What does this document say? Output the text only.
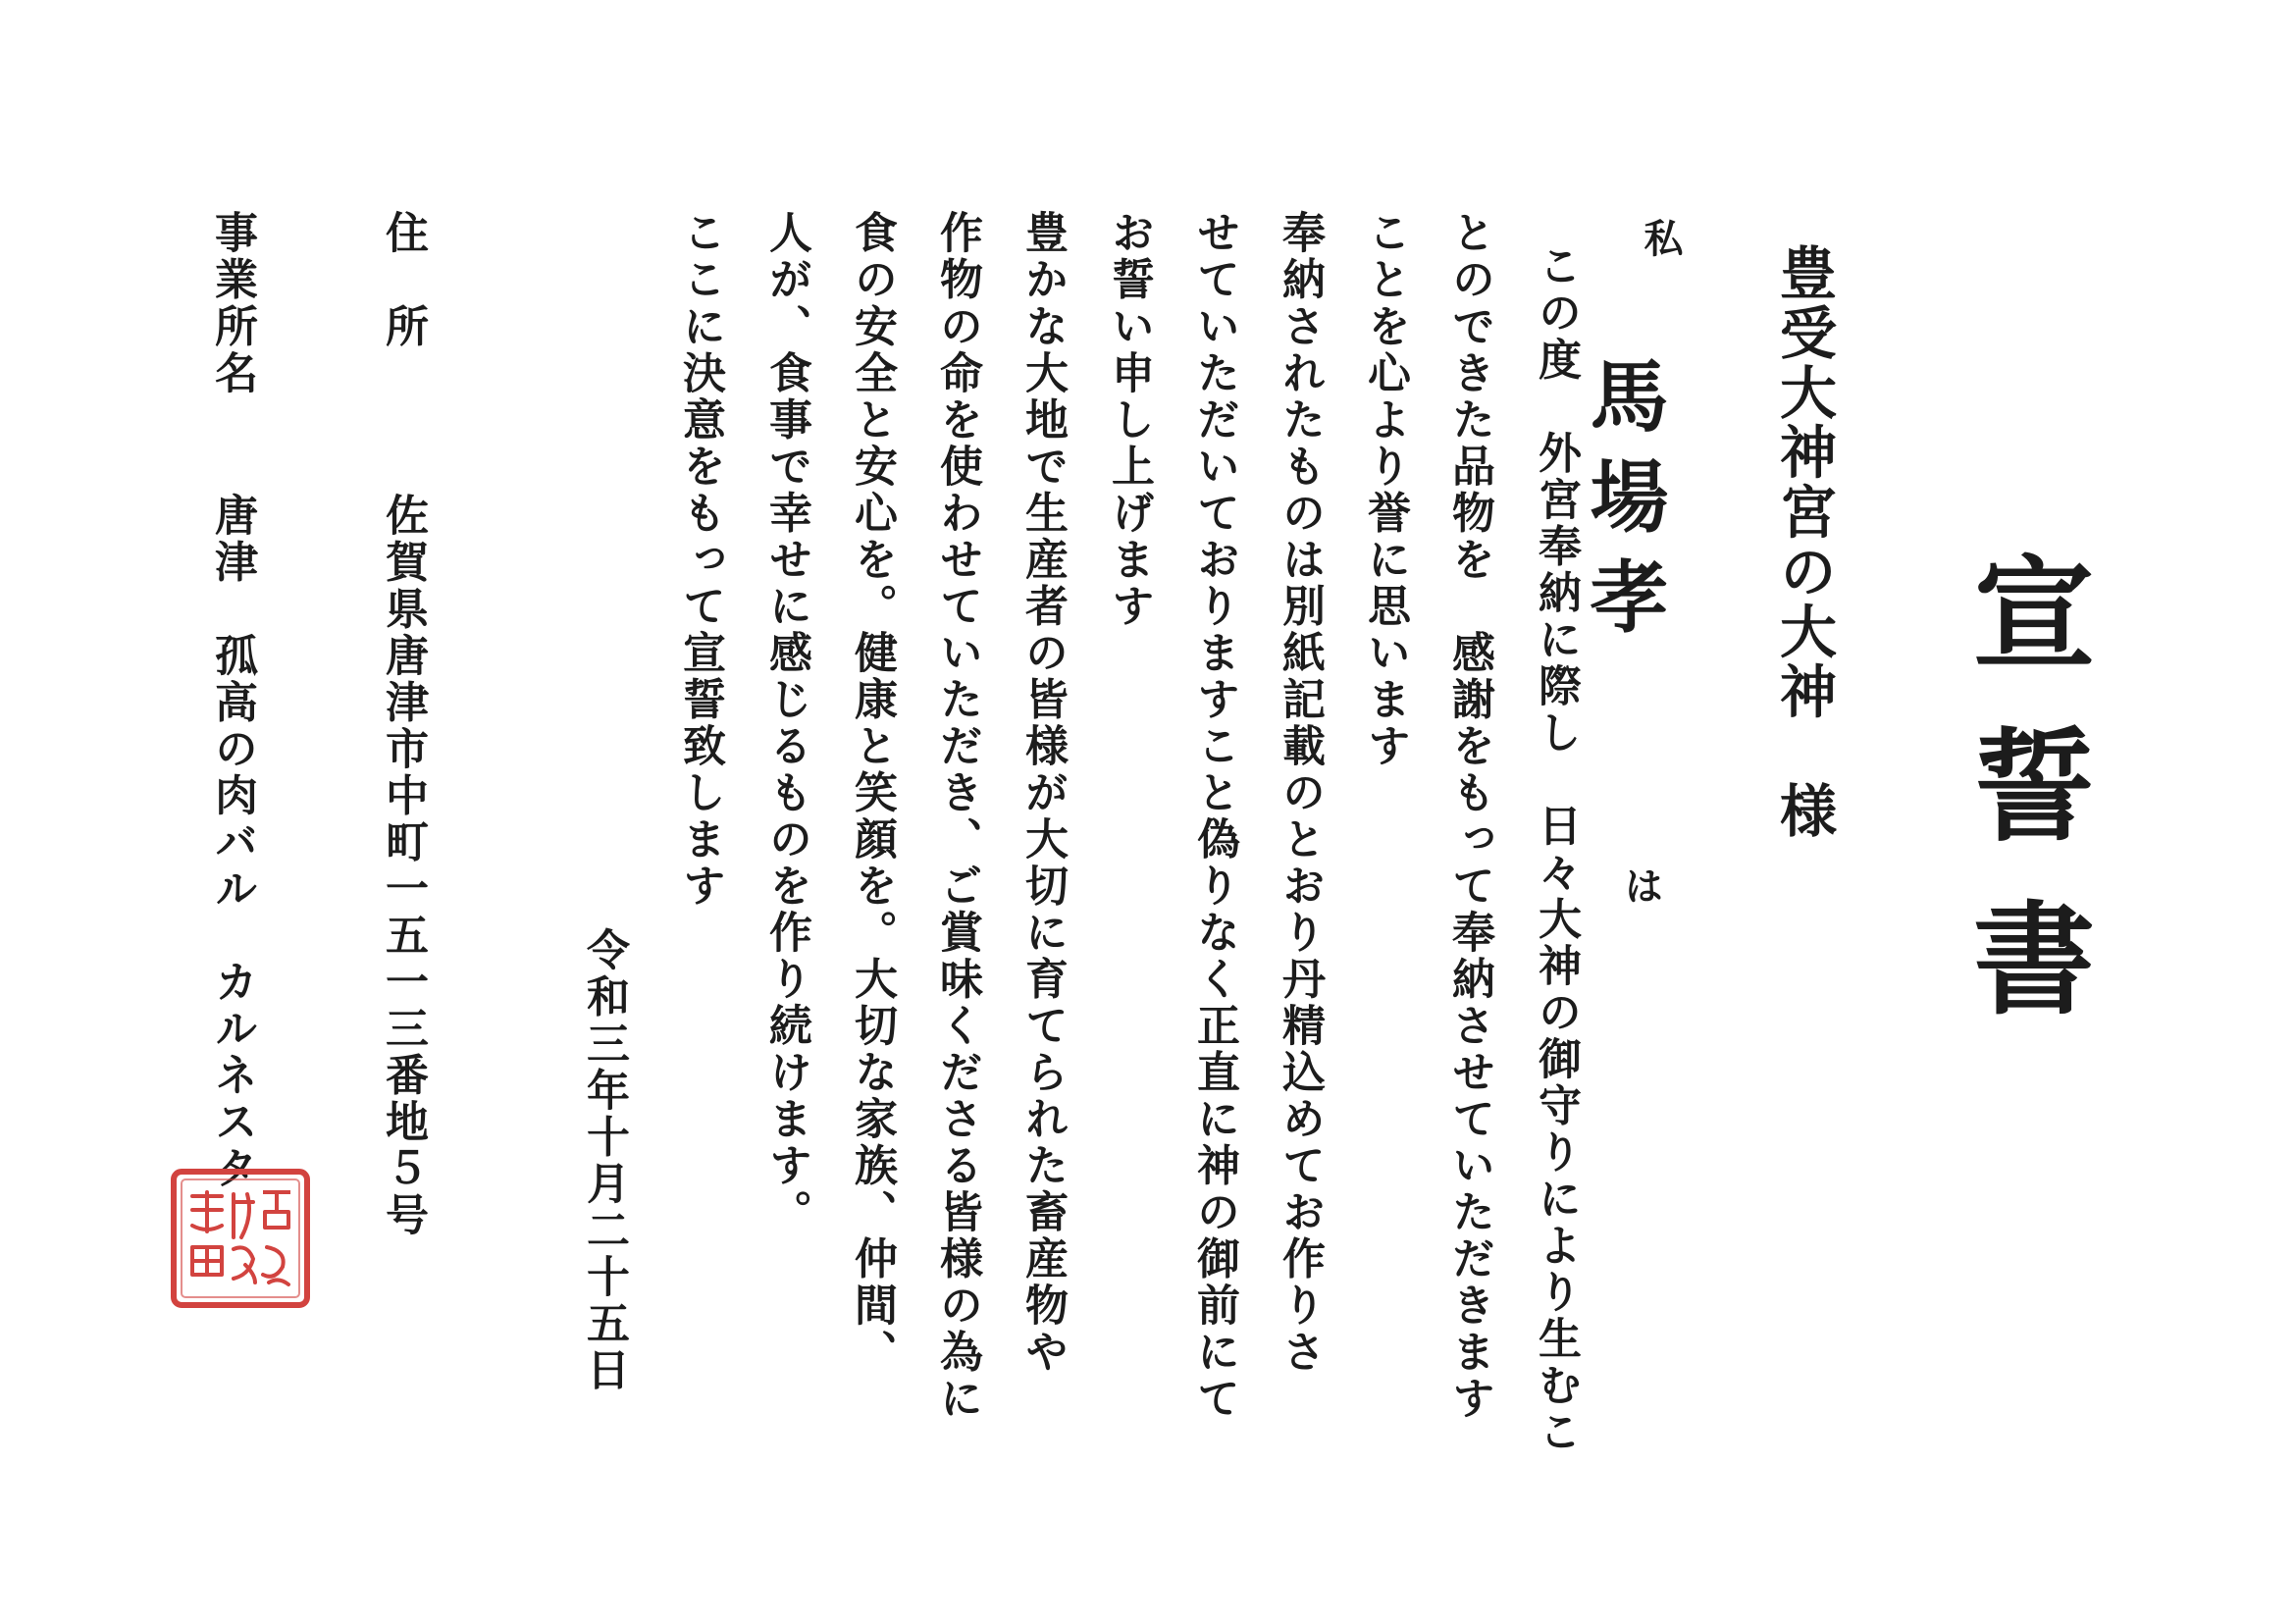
宣誓書
豊受大神宮の大神　様
私
馬場孝
は
この度　外宮奉納に際し　日々大神の御守りにより生むこ
とのできた品物を　感謝をもって奉納させていただきます
ことを心より誉に思います
奉納されたものは別紙記載のとおり丹精込めてお作りさ
せていただいておりますこと偽りなく正直に神の御前にて
お誓い申し上げます
豊かな大地で生産者の皆様が大切に育てられた畜産物や
作物の命を使わせていただき、ご賞味くださる皆様の為に
食の安全と安心を。健康と笑顔を。大切な家族、仲間、
人が、食事で幸せに感じるものを作り続けます。
ここに決意をもって宣誓致します
令和三年十月二十五日
住　所
佐賀県唐津市中町一五一三番地５号
事業所名
唐津　孤高の肉バル　カルネスタ
